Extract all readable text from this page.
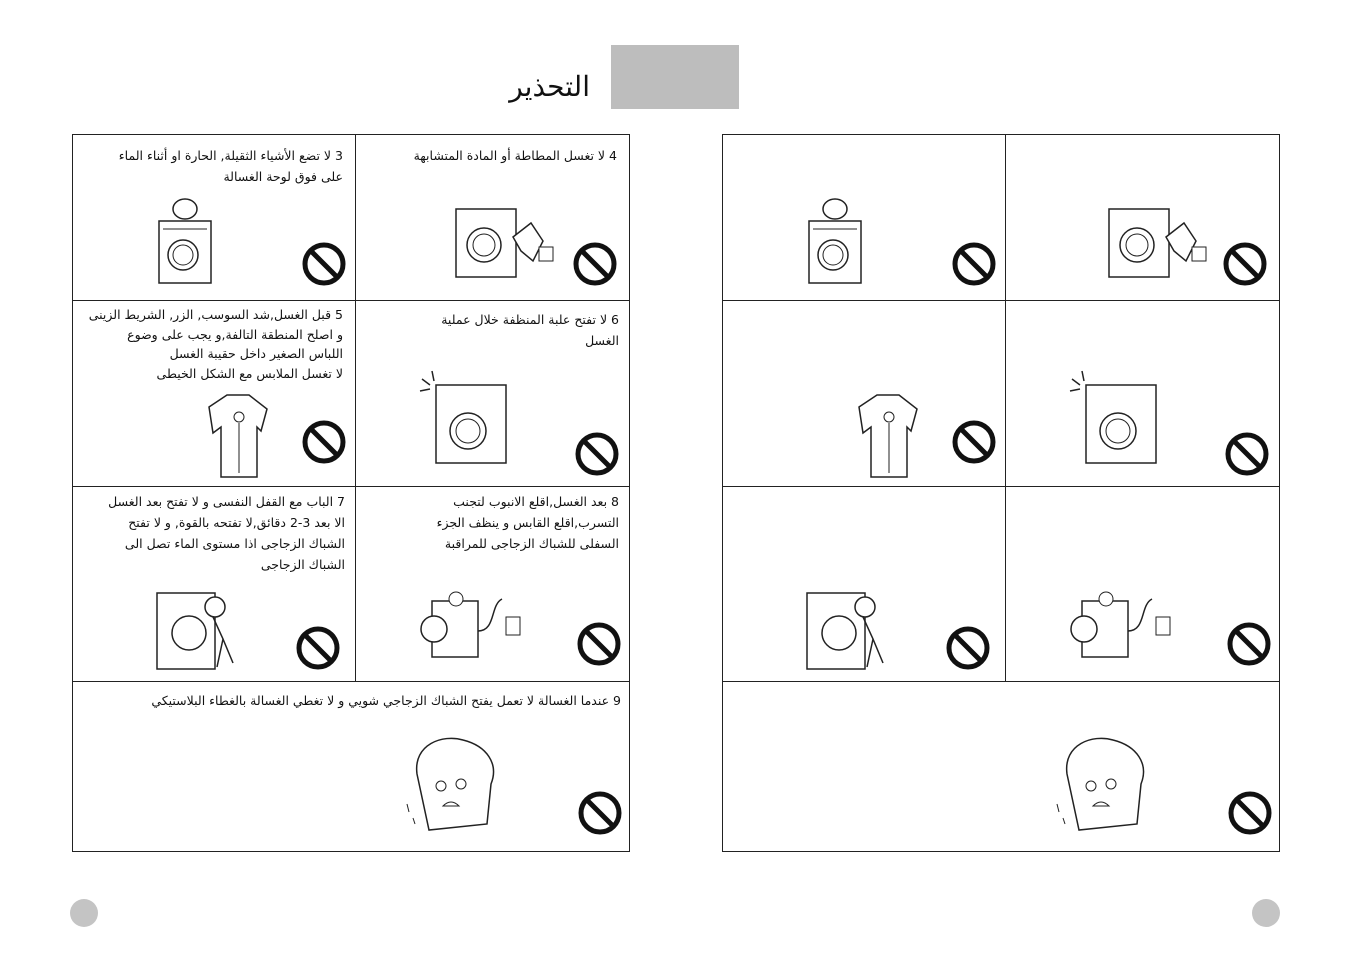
التحذير
3 لا تضع الأشياء الثقيلة, الحارة او أثناء الماء
على فوق لوحة الغسالة
4 لا تغسل المطاطة أو المادة المتشابهة
5 قبل الغسل,شد السوسب, الزر, الشريط الزينى
و اصلح المنطقة التالفة,و يجب على وضوع
اللباس الصغير داخل حقيبة الغسل
لا تغسل الملابس مع الشكل الخيطى
6 لا تفتح علبة المنظفة خلال عملية
الغسل
7 الباب مع القفل النفسى و لا تفتح بعد الغسل
الا بعد 3-2 دقائق,لا تفتحه بالقوة, و لا تفتح
الشباك الزجاجى اذا مستوى الماء تصل الى
الشباك الزجاجى
8 بعد الغسل,اقلع الانبوب لتجنب
التسرب,اقلع القابس و ينظف الجزء
السفلى للشباك الزجاجى للمراقبة
9 عندما الغسالة لا تعمل يفتح الشباك الزجاجي شويي و لا تغطي الغسالة بالغطاء البلاستيكي
